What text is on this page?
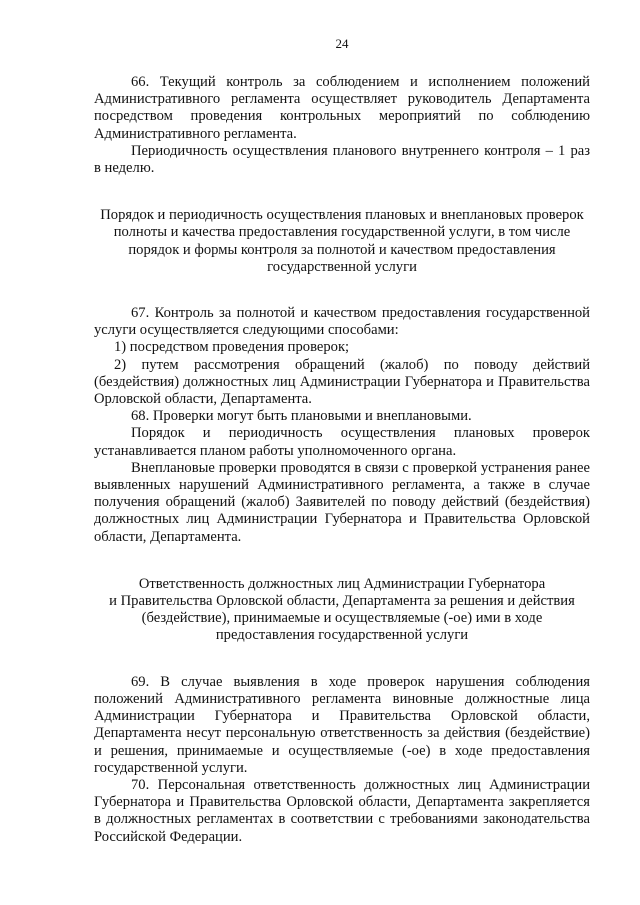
24

66. Текущий контроль за соблюдением и исполнением положений Административного регламента осуществляет руководитель Департамента посредством проведения контрольных мероприятий по соблюдению Административного регламента.

Периодичность осуществления планового внутреннего контроля – 1 раз в неделю.

Порядок и периодичность осуществления плановых и внеплановых проверок
полноты и качества предоставления государственной услуги, в том числе
порядок и формы контроля за полнотой и качеством предоставления
государственной услуги

67. Контроль за полнотой и качеством предоставления государственной услуги осуществляется следующими способами:

1) посредством проведения проверок;

2) путем рассмотрения обращений (жалоб) по поводу действий (бездействия) должностных лиц Администрации Губернатора и Правительства Орловской области, Департамента.

68. Проверки могут быть плановыми и внеплановыми.

Порядок и периодичность осуществления плановых проверок устанавливается планом работы уполномоченного органа.

Внеплановые проверки проводятся в связи с проверкой устранения ранее выявленных нарушений Административного регламента, а также в случае получения обращений (жалоб) Заявителей по поводу действий (бездействия) должностных лиц Администрации Губернатора и Правительства Орловской области, Департамента.

Ответственность должностных лиц Администрации Губернатора
и Правительства Орловской области, Департамента за решения и действия
(бездействие), принимаемые и осуществляемые (-ое) ими в ходе
предоставления государственной услуги

69. В случае выявления в ходе проверок нарушения соблюдения положений Административного регламента виновные должностные лица Администрации Губернатора и Правительства Орловской области, Департамента несут персональную ответственность за действия (бездействие) и решения, принимаемые и осуществляемые (-ое) в ходе предоставления государственной услуги.

70. Персональная ответственность должностных лиц Администрации Губернатора и Правительства Орловской области, Департамента закрепляется в должностных регламентах в соответствии с требованиями законодательства Российской Федерации.
